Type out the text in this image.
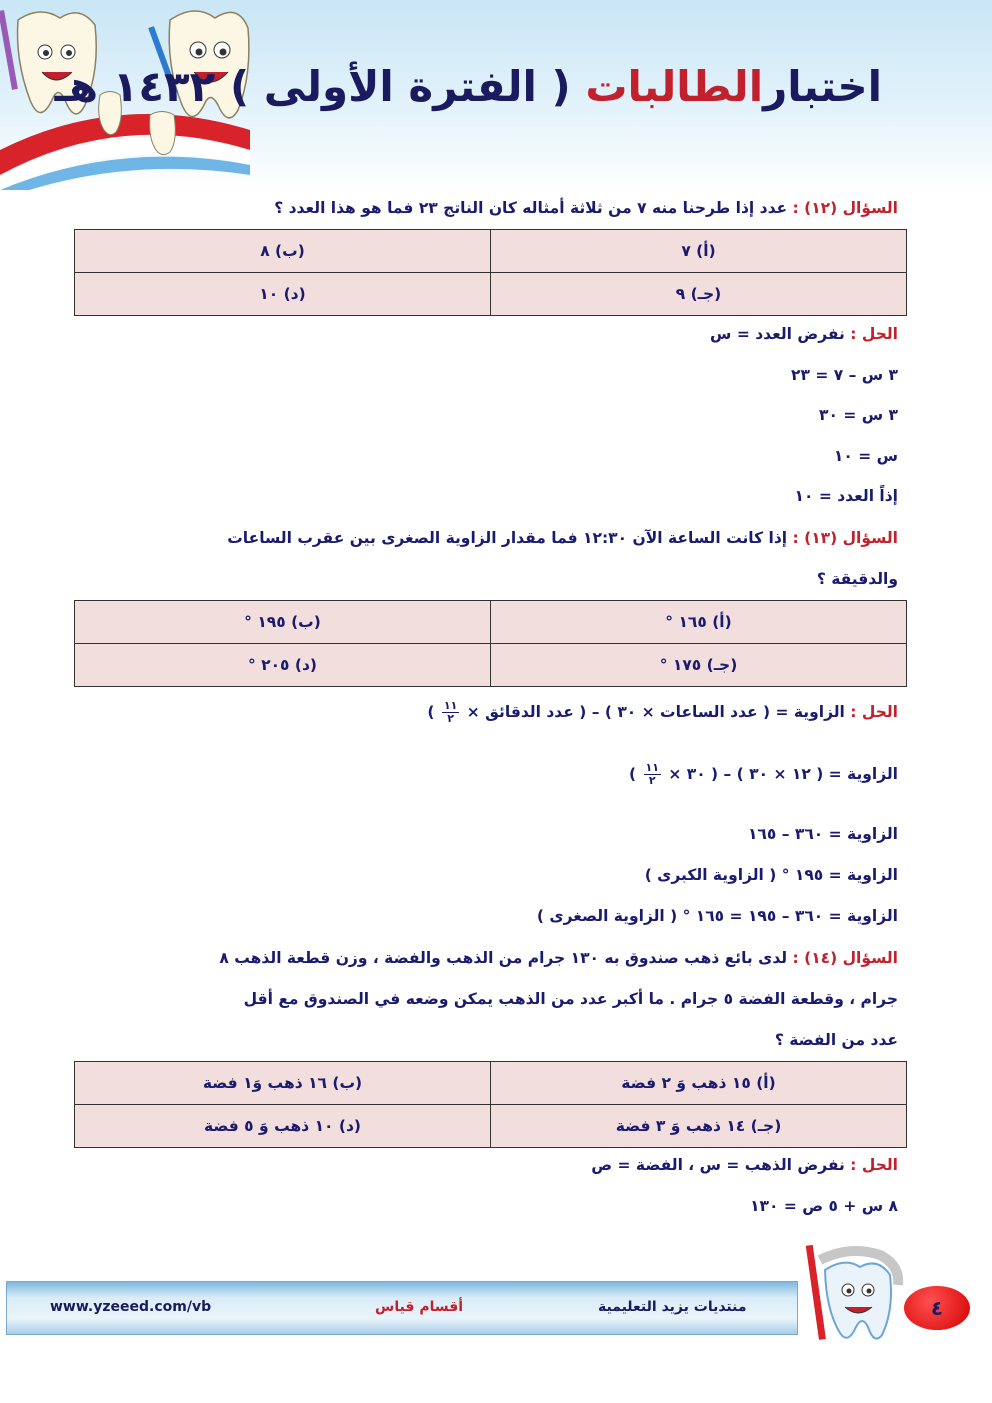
اختبارالطالبات ( الفترة الأولى ) ١٤٣٢ هـ
السؤال (١٢) : عدد إذا طرحنا منه ٧ من ثلاثة أمثاله كان الناتج ٢٣ فما هو هذا العدد ؟
(أ) ٧	(ب) ٨
(جـ) ٩	(د) ١٠
الحل : نفرض العدد = س
٣ س – ٧ = ٢٣
٣ س = ٣٠
س = ١٠
إذاً العدد = ١٠
السؤال (١٣) : إذا كانت الساعة الآن ١٢:٣٠ فما مقدار الزاوية الصغرى بين عقرب الساعات
والدقيقة ؟
(أ) ١٦٥ °	(ب) ١٩٥ °
(جـ) ١٧٥ °	(د) ٢٠٥ °
الحل : الزاوية = ( عدد الساعات × ٣٠ ) – ( عدد الدقائق ×
$\frac{١١}{٢}$
)
الزاوية = ( ١٢ × ٣٠ ) – ( ٣٠ ×
$\frac{١١}{٢}$
)
الزاوية = ٣٦٠ – ١٦٥
الزاوية = ١٩٥ ° ( الزاوية الكبرى )
الزاوية = ٣٦٠ – ١٩٥ = ١٦٥ ° ( الزاوية الصغرى )
السؤال (١٤) : لدى بائع ذهب صندوق به ١٣٠ جرام من الذهب والفضة ، وزن قطعة الذهب ٨
جرام ، وقطعة الفضة ٥ جرام . ما أكبر عدد من الذهب يمكن وضعه في الصندوق مع أقل
عدد من الفضة ؟
(أ) ١٥ ذهب وَ ٢ فضة	(ب) ١٦ ذهب وَ١ فضة
(جـ) ١٤ ذهب وَ ٣ فضة	(د) ١٠ ذهب وَ ٥ فضة
الحل : نفرض الذهب = س ، الفضة = ص
٨ س + ٥ ص = ١٣٠
www.yzeeed.com/vb	أقسام قياس	منتديات يزيد التعليمية	٤
